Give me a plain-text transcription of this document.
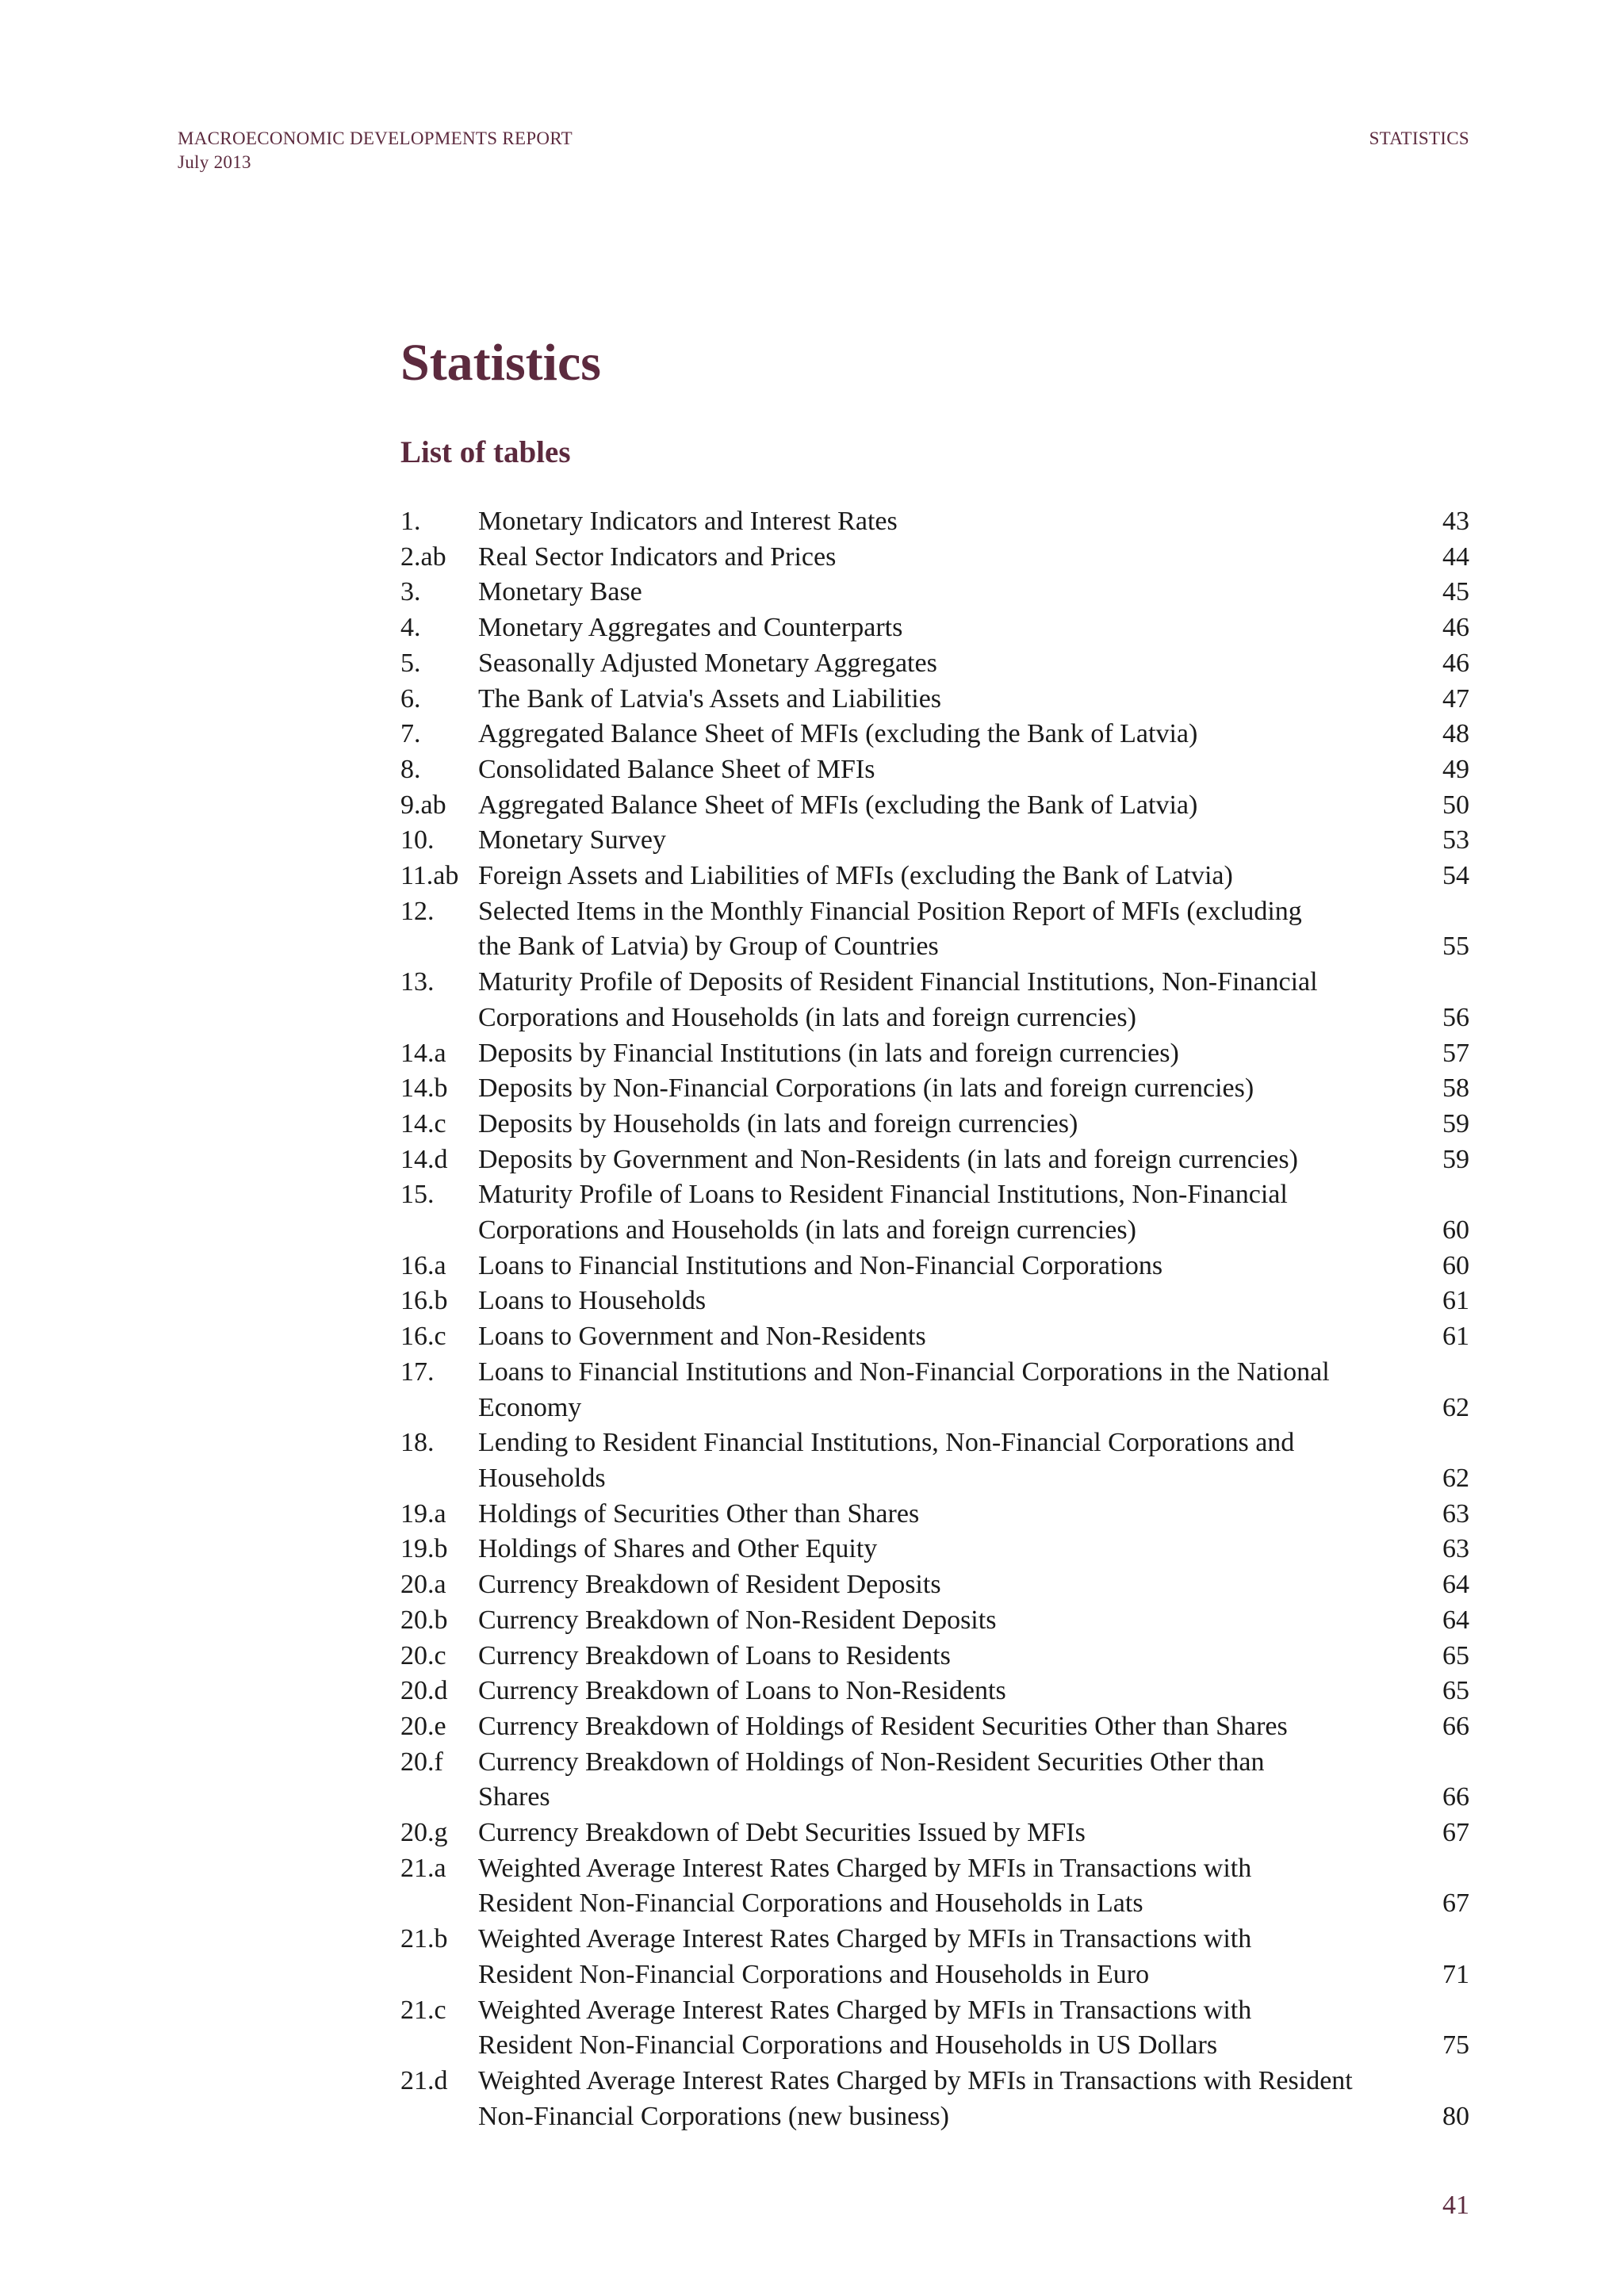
MACROECONOMIC DEVELOPMENTS REPORT
July 2013
STATISTICS
Statistics
List of tables
1.	Monetary Indicators and Interest Rates	43
2.ab	Real Sector Indicators and Prices	44
3.	Monetary Base	45
4.	Monetary Aggregates and Counterparts	46
5.	Seasonally Adjusted Monetary Aggregates	46
6.	The Bank of Latvia's Assets and Liabilities	47
7.	Aggregated Balance Sheet of MFIs (excluding the Bank of Latvia)	48
8.	Consolidated Balance Sheet of MFIs	49
9.ab	Aggregated Balance Sheet of MFIs (excluding the Bank of Latvia)	50
10.	Monetary Survey	53
11.ab Foreign Assets and Liabilities of MFIs (excluding the Bank of Latvia)	54
12.	Selected Items in the Monthly Financial Position Report of MFIs (excluding
the Bank of Latvia) by Group of Countries	55
13.	Maturity Profile of Deposits of Resident Financial Institutions, Non-Financial
Corporations and Households (in lats and foreign currencies)	56
14.a	Deposits by Financial Institutions (in lats and foreign currencies)	57
14.b	Deposits by Non-Financial Corporations (in lats and foreign currencies)	58
14.c	Deposits by Households (in lats and foreign currencies)	59
14.d	Deposits by Government and Non-Residents (in lats and foreign currencies)	59
15.	Maturity Profile of Loans to Resident Financial Institutions, Non-Financial
Corporations and Households (in lats and foreign currencies)	60
16.a	Loans to Financial Institutions and Non-Financial Corporations	60
16.b	Loans to Households	61
16.c	Loans to Government and Non-Residents	61
17.	Loans to Financial Institutions and Non-Financial Corporations in the National
Economy	62
18.	Lending to Resident Financial Institutions, Non-Financial Corporations and
Households	62
19.a	Holdings of Securities Other than Shares	63
19.b	Holdings of Shares and Other Equity	63
20.a	Currency Breakdown of Resident Deposits	64
20.b	Currency Breakdown of Non-Resident Deposits	64
20.c	Currency Breakdown of Loans to Residents	65
20.d	Currency Breakdown of Loans to Non-Residents	65
20.e	Currency Breakdown of Holdings of Resident Securities Other than Shares	66
20.f	Currency Breakdown of Holdings of Non-Resident Securities Other than
Shares	66
20.g	Currency Breakdown of Debt Securities Issued by MFIs	67
21.a	Weighted Average Interest Rates Charged by MFIs in Transactions with
Resident Non-Financial Corporations and Households in Lats	67
21.b	Weighted Average Interest Rates Charged by MFIs in Transactions with
Resident Non-Financial Corporations and Households in Euro	71
21.c	Weighted Average Interest Rates Charged by MFIs in Transactions with
Resident Non-Financial Corporations and Households in US Dollars	75
21.d	Weighted Average Interest Rates Charged by MFIs in Transactions with Resident
Non-Financial Corporations (new business)	80
41
